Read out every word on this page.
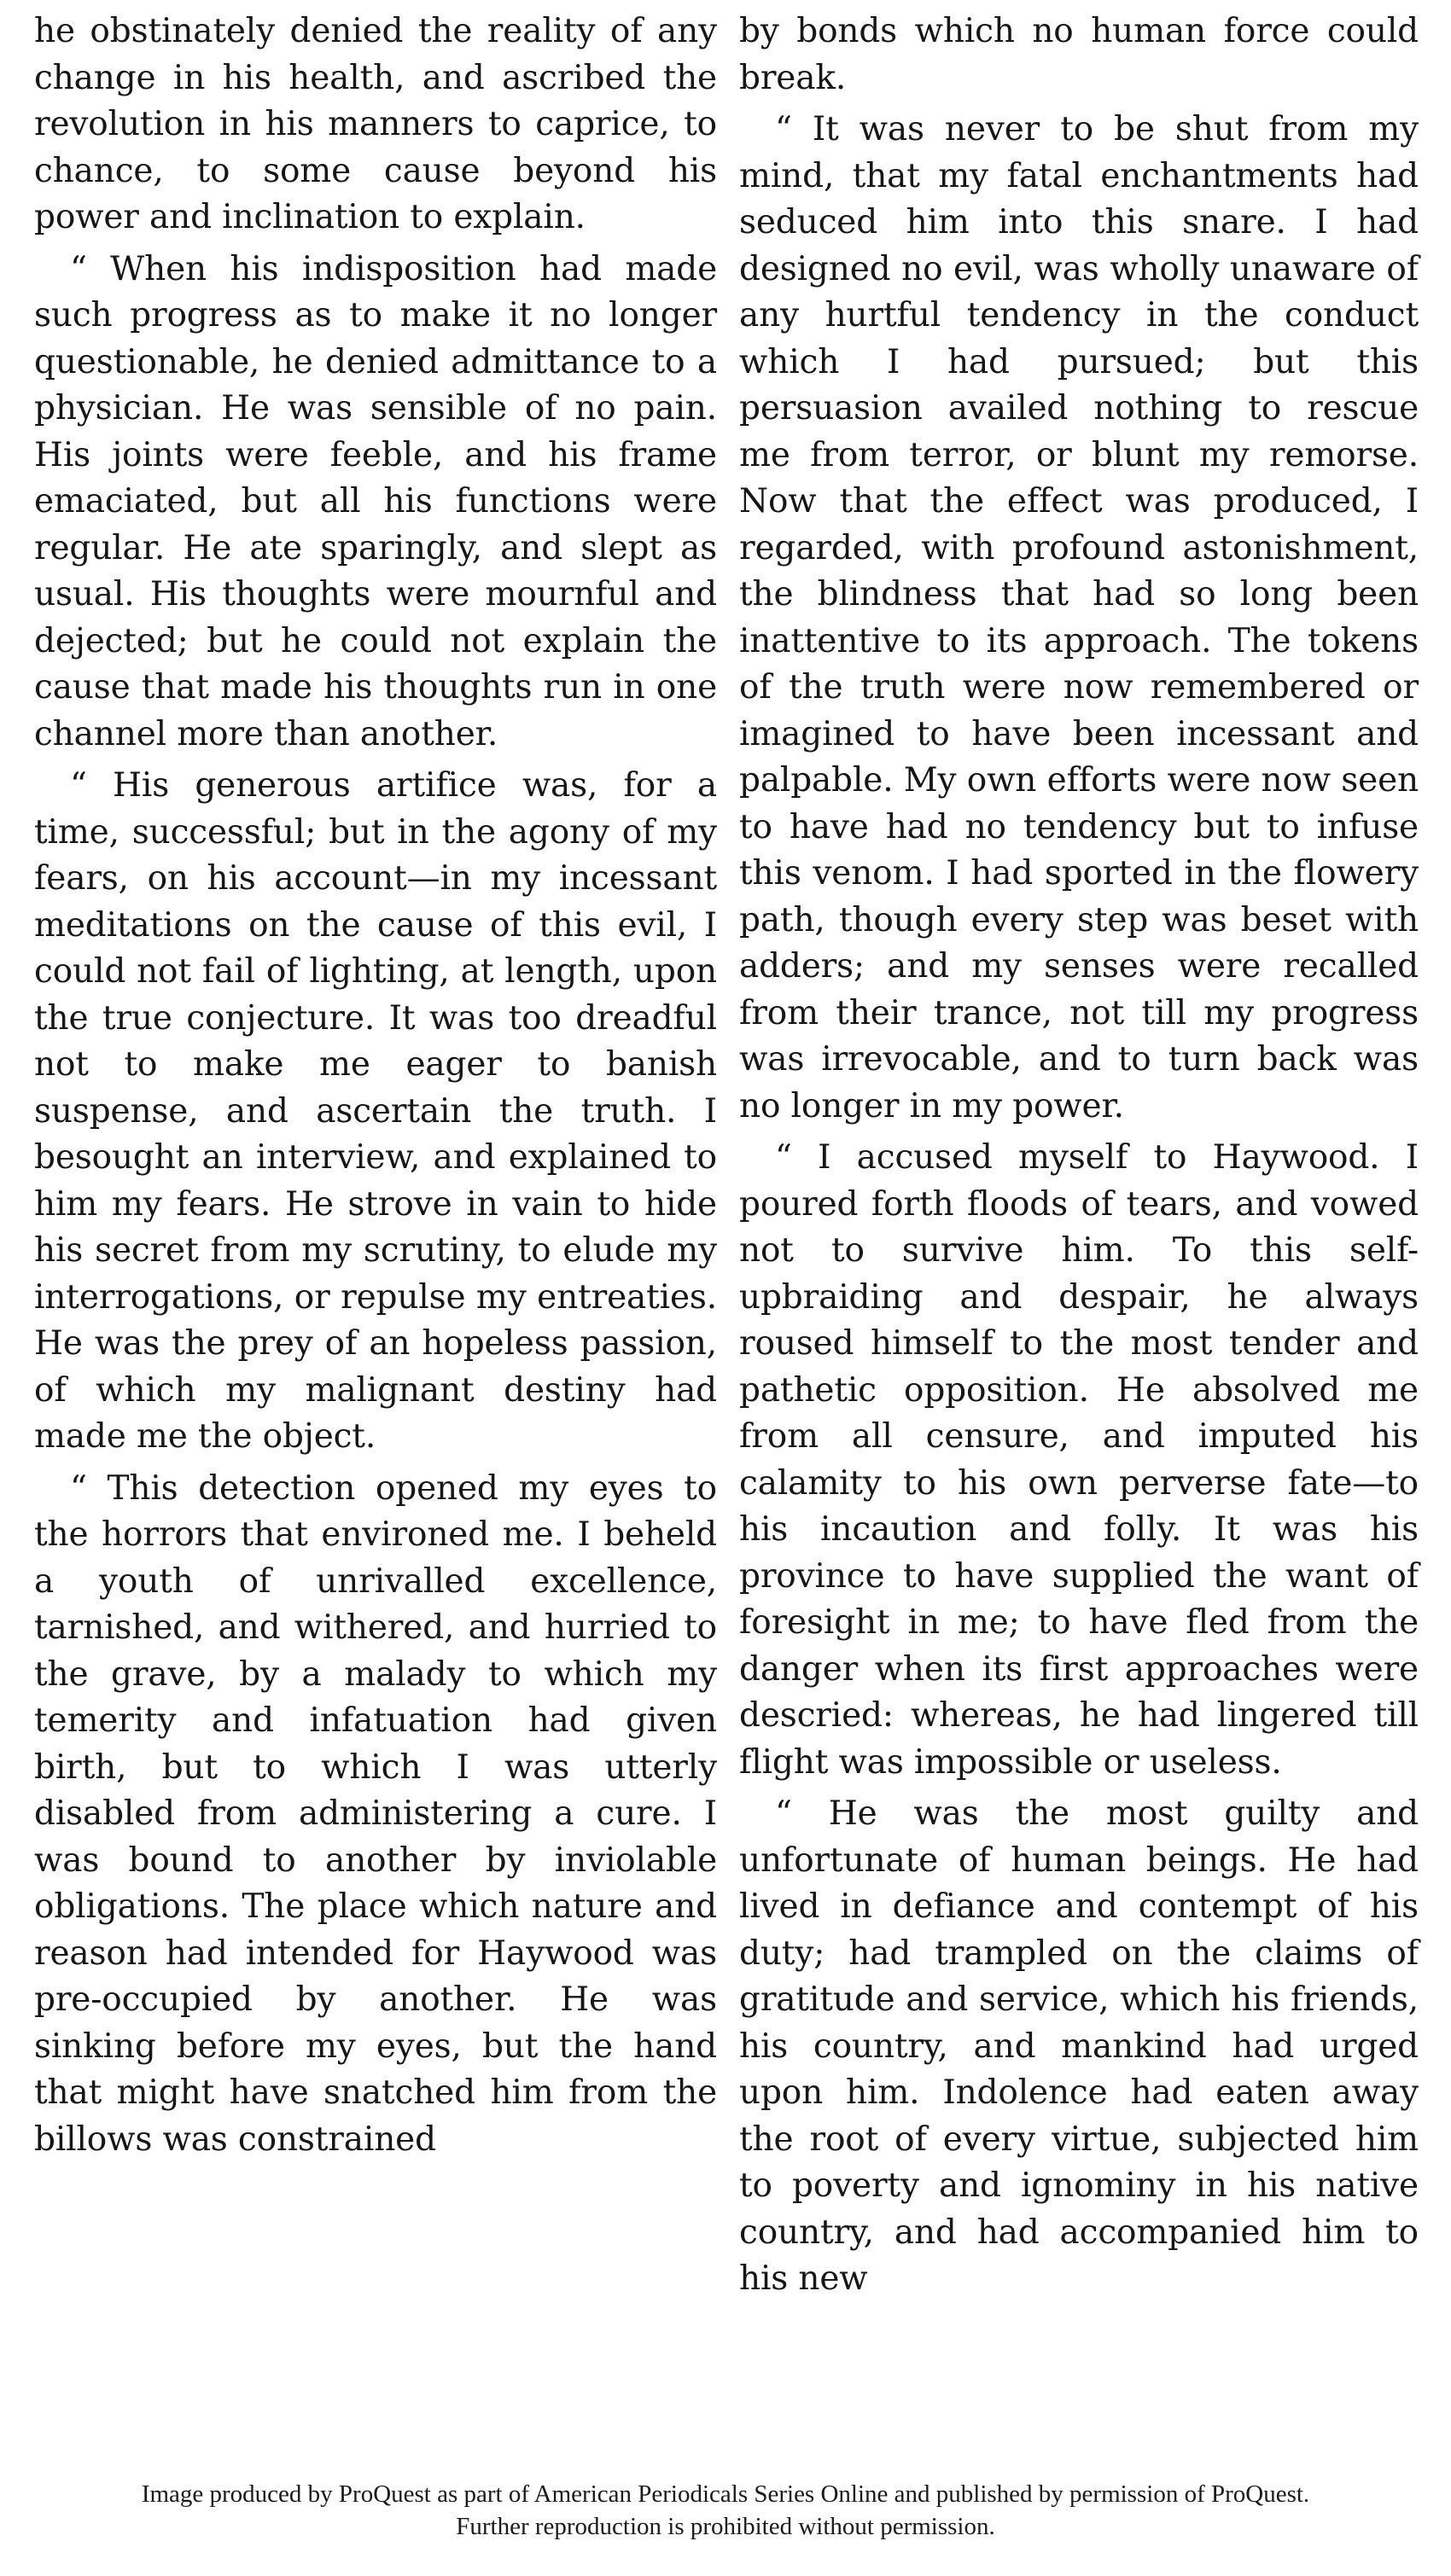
he obstinately denied the reality of any change in his health, and ascribed the revolution in his manners to caprice, to chance, to some cause beyond his power and inclination to explain.

“ When his indisposition had made such progress as to make it no longer questionable, he denied admittance to a physician. He was sensible of no pain. His joints were feeble, and his frame emaciated, but all his functions were regular. He ate sparingly, and slept as usual. His thoughts were mournful and dejected; but he could not explain the cause that made his thoughts run in one channel more than another.

“ His generous artifice was, for a time, successful; but in the agony of my fears, on his account—in my incessant meditations on the cause of this evil, I could not fail of lighting, at length, upon the true conjecture. It was too dreadful not to make me eager to banish suspense, and ascertain the truth. I besought an interview, and explained to him my fears. He strove in vain to hide his secret from my scrutiny, to elude my interrogations, or repulse my entreaties. He was the prey of an hopeless passion, of which my malignant destiny had made me the object.

“ This detection opened my eyes to the horrors that environed me. I beheld a youth of unrivalled excellence, tarnished, and withered, and hurried to the grave, by a malady to which my temerity and infatuation had given birth, but to which I was utterly disabled from administering a cure. I was bound to another by inviolable obligations. The place which nature and reason had intended for Haywood was pre-occupied by another. He was sinking before my eyes, but the hand that might have snatched him from the billows was constrained

by bonds which no human force could break.

“ It was never to be shut from my mind, that my fatal enchantments had seduced him into this snare. I had designed no evil, was wholly unaware of any hurtful tendency in the conduct which I had pursued; but this persuasion availed nothing to rescue me from terror, or blunt my remorse. Now that the effect was produced, I regarded, with profound astonishment, the blindness that had so long been inattentive to its approach. The tokens of the truth were now remembered or imagined to have been incessant and palpable. My own efforts were now seen to have had no tendency but to infuse this venom. I had sported in the flowery path, though every step was beset with adders; and my senses were recalled from their trance, not till my progress was irrevocable, and to turn back was no longer in my power.

“ I accused myself to Haywood. I poured forth floods of tears, and vowed not to survive him. To this self-upbraiding and despair, he always roused himself to the most tender and pathetic opposition. He absolved me from all censure, and imputed his calamity to his own perverse fate—to his incaution and folly. It was his province to have supplied the want of foresight in me; to have fled from the danger when its first approaches were descried: whereas, he had lingered till flight was impossible or useless.

“ He was the most guilty and unfortunate of human beings. He had lived in defiance and contempt of his duty; had trampled on the claims of gratitude and service, which his friends, his country, and mankind had urged upon him. Indolence had eaten away the root of every virtue, subjected him to poverty and ignominy in his native country, and had accompanied him to his new

Image produced by ProQuest as part of American Periodicals Series Online and published by permission of ProQuest.
Further reproduction is prohibited without permission.
